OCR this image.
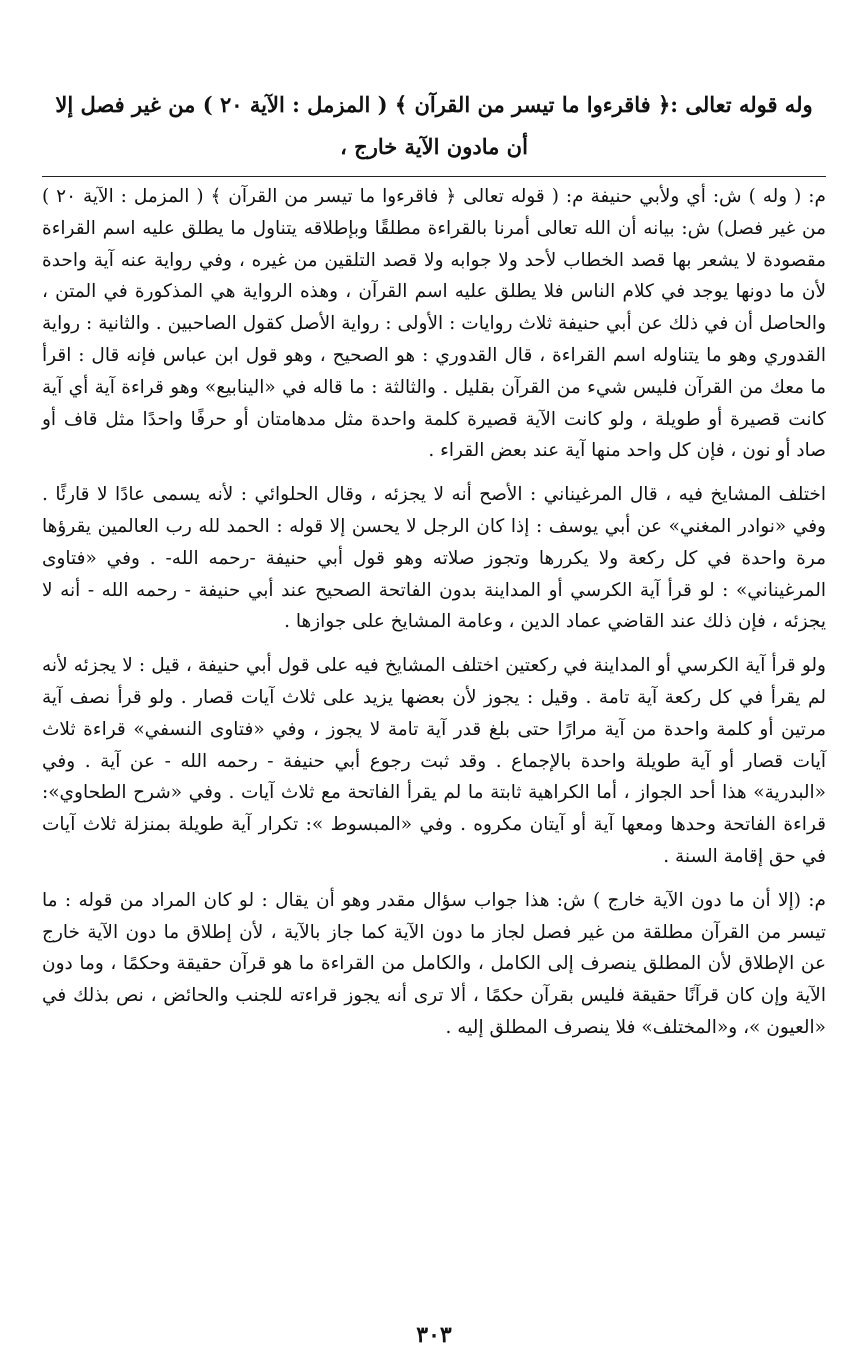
وله قوله تعالى :﴿ فاقرءوا ما تيسر من القرآن ﴾ ( المزمل : الآية ٢٠ ) من غير فصل إلا أن مادون الآية خارج ،

م: ( وله ) ش: أي ولأبي حنيفة م: ( قوله تعالى ﴿ فاقرءوا ما تيسر من القرآن ﴾ ( المزمل : الآية ٢٠ ) من غير فصل) ش: بيانه أن الله تعالى أمرنا بالقراءة مطلقًا وبإطلاقه يتناول ما يطلق عليه اسم القراءة مقصودة لا يشعر بها قصد الخطاب لأحد ولا جوابه ولا قصد التلقين من غيره ، وفي رواية عنه آية واحدة لأن ما دونها يوجد في كلام الناس فلا يطلق عليه اسم القرآن ، وهذه الرواية هي المذكورة في المتن ، والحاصل أن في ذلك عن أبي حنيفة ثلاث روايات : الأولى : رواية الأصل كقول الصاحبين . والثانية : رواية القدوري وهو ما يتناوله اسم القراءة ، قال القدوري : هو الصحيح ، وهو قول ابن عباس فإنه قال : اقرأ ما معك من القرآن فليس شيء من القرآن بقليل . والثالثة : ما قاله في «الينابيع» وهو قراءة آية أي آية كانت قصيرة أو طويلة ، ولو كانت الآية قصيرة كلمة واحدة مثل مدهامتان أو حرفًا واحدًا مثل قاف أو صاد أو نون ، فإن كل واحد منها آية عند بعض القراء .

اختلف المشايخ فيه ، قال المرغيناني : الأصح أنه لا يجزئه ، وقال الحلوائي : لأنه يسمى عادًا لا قارئًا . وفي «نوادر المغني» عن أبي يوسف : إذا كان الرجل لا يحسن إلا قوله : الحمد لله رب العالمين يقرؤها مرة واحدة في كل ركعة ولا يكررها وتجوز صلاته وهو قول أبي حنيفة -رحمه الله- . وفي «فتاوى المرغيناني» : لو قرأ آية الكرسي أو المداينة بدون الفاتحة الصحيح عند أبي حنيفة - رحمه الله - أنه لا يجزئه ، فإن ذلك عند القاضي عماد الدين ، وعامة المشايخ على جوازها .

ولو قرأ آية الكرسي أو المداينة في ركعتين اختلف المشايخ فيه على قول أبي حنيفة ، قيل : لا يجزئه لأنه لم يقرأ في كل ركعة آية تامة . وقيل : يجوز لأن بعضها يزيد على ثلاث آيات قصار . ولو قرأ نصف آية مرتين أو كلمة واحدة من آية مرارًا حتى بلغ قدر آية تامة لا يجوز ، وفي «فتاوى النسفي» قراءة ثلاث آيات قصار أو آية طويلة واحدة بالإجماع . وقد ثبت رجوع أبي حنيفة - رحمه الله - عن آية . وفي «البدرية» هذا أحد الجواز ، أما الكراهية ثابتة ما لم يقرأ الفاتحة مع ثلاث آيات . وفي «شرح الطحاوي»: قراءة الفاتحة وحدها ومعها آية أو آيتان مكروه . وفي «المبسوط »: تكرار آية طويلة بمنزلة ثلاث آيات في حق إقامة السنة .

م: (إلا أن ما دون الآية خارج ) ش: هذا جواب سؤال مقدر وهو أن يقال : لو كان المراد من قوله : ما تيسر من القرآن مطلقة من غير فصل لجاز ما دون الآية كما جاز بالآية ، لأن إطلاق ما دون الآية خارج عن الإطلاق لأن المطلق ينصرف إلى الكامل ، والكامل من القراءة ما هو قرآن حقيقة وحكمًا ، وما دون الآية وإن كان قرآنًا حقيقة فليس بقرآن حكمًا ، ألا ترى أنه يجوز قراءته للجنب والحائض ، نص بذلك في «العيون »، و«المختلف» فلا ينصرف المطلق إليه .

٣٠٣
